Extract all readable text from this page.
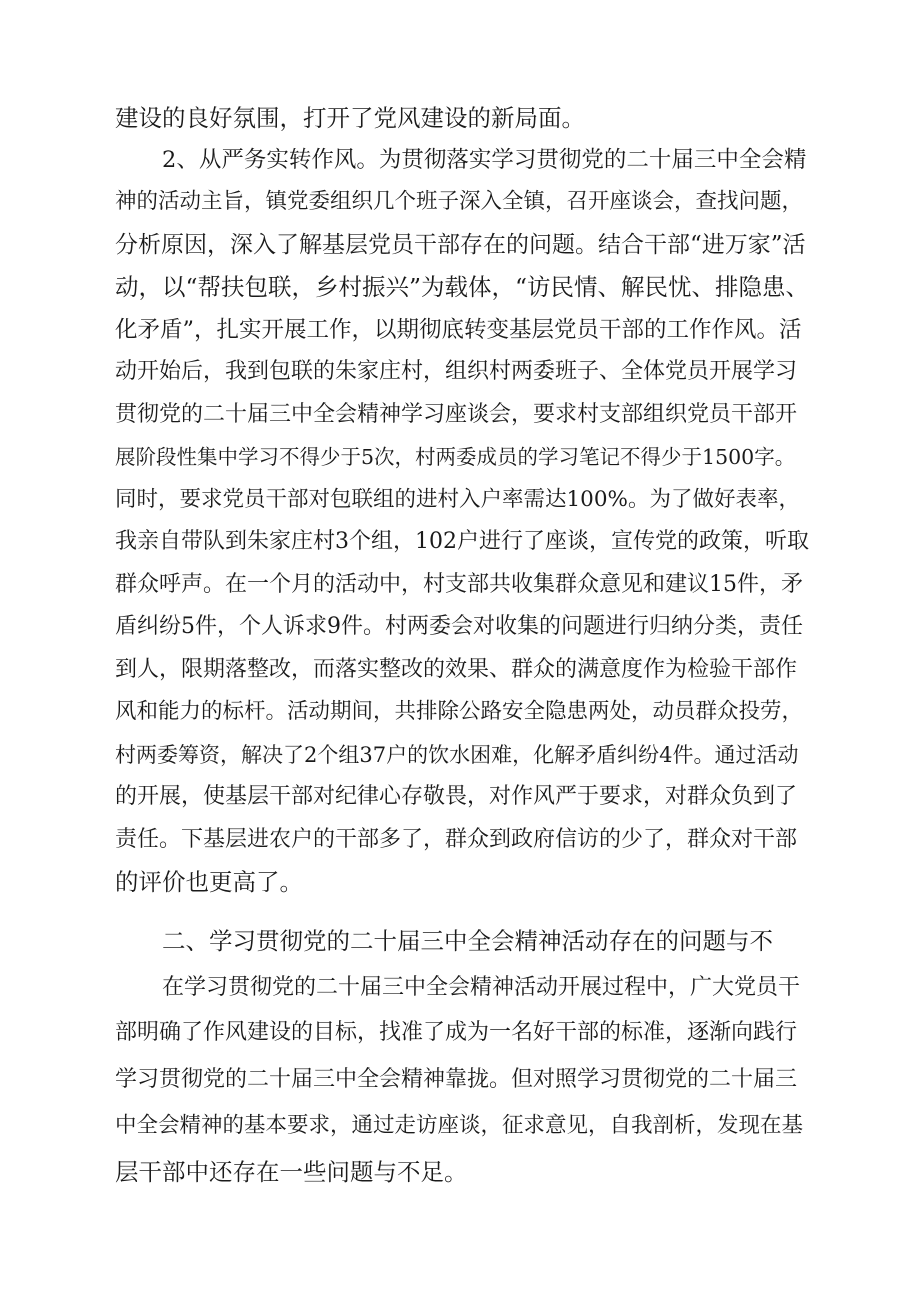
建设的良好氛围，打开了党风建设的新局面。
2、从严务实转作风。为贯彻落实学习贯彻党的二十届三中全会精
神的活动主旨，镇党委组织几个班子深入全镇，召开座谈会，查找问题，
分析原因，深入了解基层党员干部存在的问题。结合干部“进万家”活
动，以“帮扶包联，乡村振兴”为载体，“访民情、解民忧、排隐患、
化矛盾”，扎实开展工作，以期彻底转变基层党员干部的工作作风。活
动开始后，我到包联的朱家庄村，组织村两委班子、全体党员开展学习
贯彻党的二十届三中全会精神学习座谈会，要求村支部组织党员干部开
展阶段性集中学习不得少于5次，村两委成员的学习笔记不得少于1500字。
同时，要求党员干部对包联组的进村入户率需达100%。为了做好表率，
我亲自带队到朱家庄村3个组，102户进行了座谈，宣传党的政策，听取
群众呼声。在一个月的活动中，村支部共收集群众意见和建议15件，矛
盾纠纷5件，个人诉求9件。村两委会对收集的问题进行归纳分类，责任
到人，限期落整改，而落实整改的效果、群众的满意度作为检验干部作
风和能力的标杆。活动期间，共排除公路安全隐患两处，动员群众投劳，
村两委筹资，解决了2个组37户的饮水困难，化解矛盾纠纷4件。通过活动
的开展，使基层干部对纪律心存敬畏，对作风严于要求，对群众负到了
责任。下基层进农户的干部多了，群众到政府信访的少了，群众对干部
的评价也更高了。
二、学习贯彻党的二十届三中全会精神活动存在的问题与不
在学习贯彻党的二十届三中全会精神活动开展过程中，广大党员干
部明确了作风建设的目标，找准了成为一名好干部的标准，逐渐向践行
学习贯彻党的二十届三中全会精神靠拢。但对照学习贯彻党的二十届三
中全会精神的基本要求，通过走访座谈，征求意见，自我剖析，发现在基
层干部中还存在一些问题与不足。
